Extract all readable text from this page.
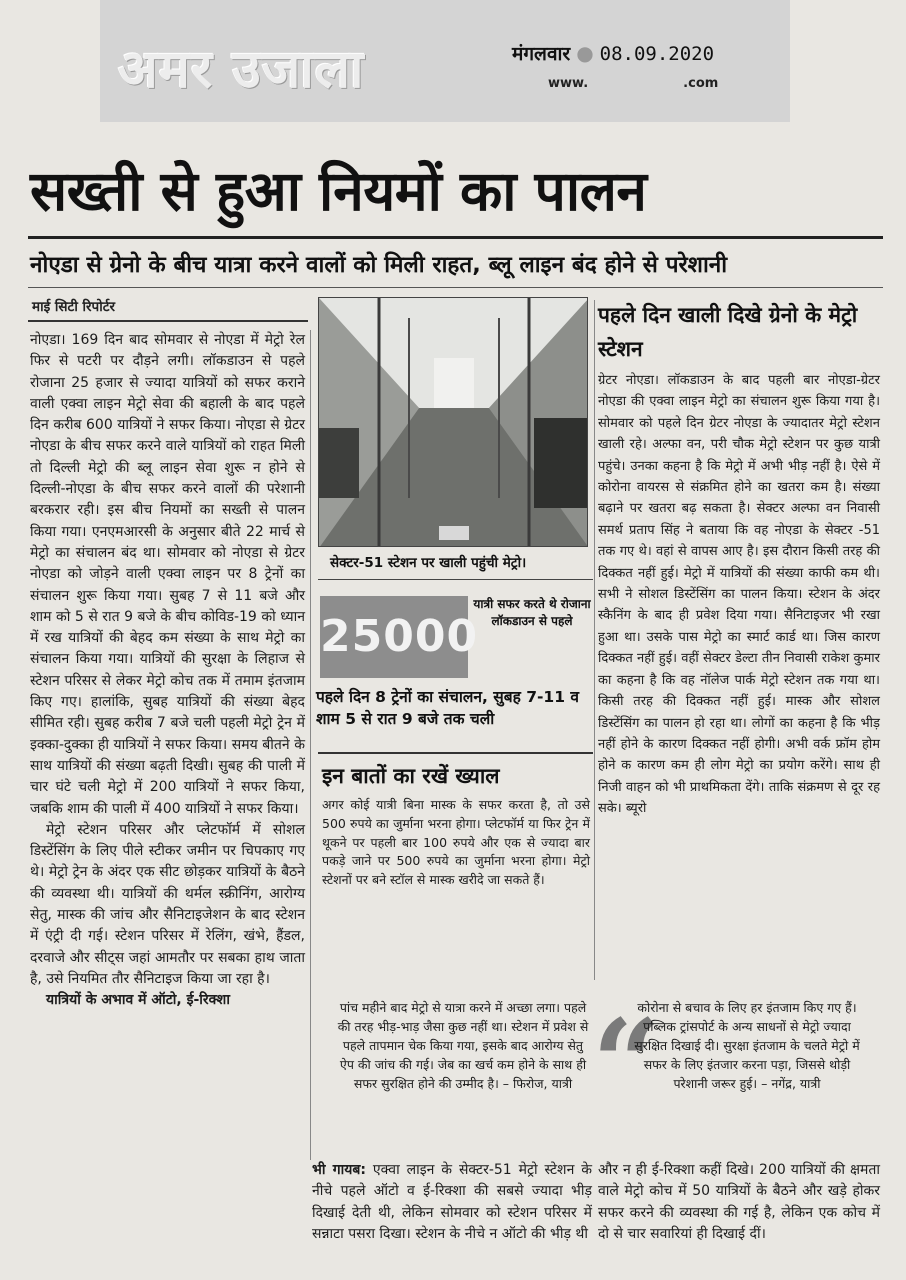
अमर उजाला	मंगलवार ● 08.09.2020
www.                     .com
सख्ती से हुआ नियमों का पालन
नोएडा से ग्रेनो के बीच यात्रा करने वालों को मिली राहत, ब्लू लाइन बंद होने से परेशानी
माई सिटी रिपोर्टर

नोएडा। 169 दिन बाद सोमवार से नोएडा में मेट्रो रेल फिर से पटरी पर दौड़ने लगी। लॉकडाउन से पहले रोजाना 25 हजार से ज्यादा यात्रियों को सफर कराने वाली एक्वा लाइन मेट्रो सेवा की बहाली के बाद पहले दिन करीब 600 यात्रियों ने सफर किया। नोएडा से ग्रेटर नोएडा के बीच सफर करने वाले यात्रियों को राहत मिली तो दिल्ली मेट्रो की ब्लू लाइन सेवा शुरू न होने से दिल्ली-नोएडा के बीच सफर करने वालों की परेशानी बरकरार रही। इस बीच नियमों का सख्ती से पालन किया गया। एनएमआरसी के अनुसार बीते 22 मार्च से मेट्रो का संचालन बंद था। सोमवार को नोएडा से ग्रेटर नोएडा को जोड़ने वाली एक्वा लाइन पर 8 ट्रेनों का संचालन शुरू किया गया। सुबह 7 से 11 बजे और शाम को 5 से रात 9 बजे के बीच कोविड-19 को ध्यान में रख यात्रियों की बेहद कम संख्या के साथ मेट्रो का संचालन किया गया। यात्रियों की सुरक्षा के लिहाज से स्टेशन परिसर से लेकर मेट्रो कोच तक में तमाम इंतजाम किए गए। हालांकि, सुबह यात्रियों की संख्या बेहद सीमित रही। सुबह करीब 7 बजे चली पहली मेट्रो ट्रेन में इक्का-दुक्का ही यात्रियों ने सफर किया। समय बीतने के साथ यात्रियों की संख्या बढ़ती दिखी। सुबह की पाली में चार घंटे चली मेट्रो में 200 यात्रियों ने सफर किया, जबकि शाम की पाली में 400 यात्रियों ने सफर किया।

मेट्रो स्टेशन परिसर और प्लेटफॉर्म में सोशल डिस्टेंसिंग के लिए पीले स्टीकर जमीन पर चिपकाए गए थे। मेट्रो ट्रेन के अंदर एक सीट छोड़कर यात्रियों के बैठने की व्यवस्था थी। यात्रियों की थर्मल स्क्रीनिंग, आरोग्य सेतु, मास्क की जांच और सैनिटाइजेशन के बाद स्टेशन में एंट्री दी गई। स्टेशन परिसर में रेलिंग, खंभे, हैंडल, दरवाजे और सीट्स जहां आमतौर पर सबका हाथ जाता है, उसे नियमित तौर सैनिटाइज किया जा रहा है।

यात्रियों के अभाव में ऑटो, ई-रिक्शा

सेक्टर-51 स्टेशन पर खाली पहुंची मेट्रो।
25000
यात्री सफर करते थे रोजाना लॉकडाउन से पहले
पहले दिन 8 ट्रेनों का संचालन, सुबह 7-11 व शाम 5 से रात 9 बजे तक चली
इन बातों का रखें ख्याल
अगर कोई यात्री बिना मास्क के सफर करता है, तो उसे 500 रुपये का जुर्माना भरना होगा। प्लेटफॉर्म या फिर ट्रेन में थूकने पर पहली बार 100 रुपये और एक से ज्यादा बार पकड़े जाने पर 500 रुपये का जुर्माना भरना होगा। मेट्रो स्टेशनों पर बने स्टॉल से मास्क खरीदे जा सकते हैं।
पहले दिन खाली दिखे ग्रेनो के मेट्रो स्टेशन

ग्रेटर नोएडा। लॉकडाउन के बाद पहली बार नोएडा-ग्रेटर नोएडा की एक्वा लाइन मेट्रो का संचालन शुरू किया गया है। सोमवार को पहले दिन ग्रेटर नोएडा के ज्यादातर मेट्रो स्टेशन खाली रहे। अल्फा वन, परी चौक मेट्रो स्टेशन पर कुछ यात्री पहुंचे। उनका कहना है कि मेट्रो में अभी भीड़ नहीं है। ऐसे में कोरोना वायरस से संक्रमित होने का खतरा कम है। संख्या बढ़ाने पर खतरा बढ़ सकता है। सेक्टर अल्फा वन निवासी समर्थ प्रताप सिंह ने बताया कि वह नोएडा के सेक्टर -51 तक गए थे। वहां से वापस आए है। इस दौरान किसी तरह की दिक्कत नहीं हुई। मेट्रो में यात्रियों की संख्या काफी कम थी। सभी ने सोशल डिस्टेंसिंग का पालन किया। स्टेशन के अंदर स्कैनिंग के बाद ही प्रवेश दिया गया। सैनिटाइजर भी रखा हुआ था। उसके पास मेट्रो का स्मार्ट कार्ड था। जिस कारण दिक्कत नहीं हुई। वहीं सेक्टर डेल्टा तीन निवासी राकेश कुमार का कहना है कि वह नॉलेज पार्क मेट्रो स्टेशन तक गया था। किसी तरह की दिक्कत नहीं हुई। मास्क और सोशल डिस्टेंसिंग का पालन हो रहा था। लोगों का कहना है कि भीड़ नहीं होने के कारण दिक्कत नहीं होगी। अभी वर्क फ्रॉम होम होने क कारण कम ही लोग मेट्रो का प्रयोग करेंगे। साथ ही निजी वाहन को भी प्राथमिकता देंगे। ताकि संक्रमण से दूर रह सके। ब्यूरो

पांच महीने बाद मेट्रो से यात्रा करने में अच्छा लगा। पहले की तरह भीड़-भाड़ जैसा कुछ नहीं था। स्टेशन में प्रवेश से पहले तापमान चेक किया गया, इसके बाद आरोग्य सेतु ऐप की जांच की गई। जेब का खर्च कम होने के साथ ही सफर सुरक्षित होने की उम्मीद है। – फिरोज, यात्री “
कोरोना से बचाव के लिए हर इंतजाम किए गए हैं। पब्लिक ट्रांसपोर्ट के अन्य साधनों से मेट्रो ज्यादा सुरक्षित दिखाई दी। सुरक्षा इंतजाम के चलते मेट्रो में सफर के लिए इंतजार करना पड़ा, जिससे थोड़ी परेशानी जरूर हुई। – नगेंद्र, यात्री
भी गायब: एक्वा लाइन के सेक्टर-51 मेट्रो स्टेशन के नीचे पहले ऑटो व ई-रिक्शा की सबसे ज्यादा भीड़ दिखाई देती थी, लेकिन सोमवार को स्टेशन परिसर में सन्नाटा पसरा दिखा। स्टेशन के नीचे न ऑटो की भीड़ थी
और न ही ई-रिक्शा कहीं दिखे। 200 यात्रियों की क्षमता वाले मेट्रो कोच में 50 यात्रियों के बैठने और खड़े होकर सफर करने की व्यवस्था की गई है, लेकिन एक कोच में दो से चार सवारियां ही दिखाई दीं।
